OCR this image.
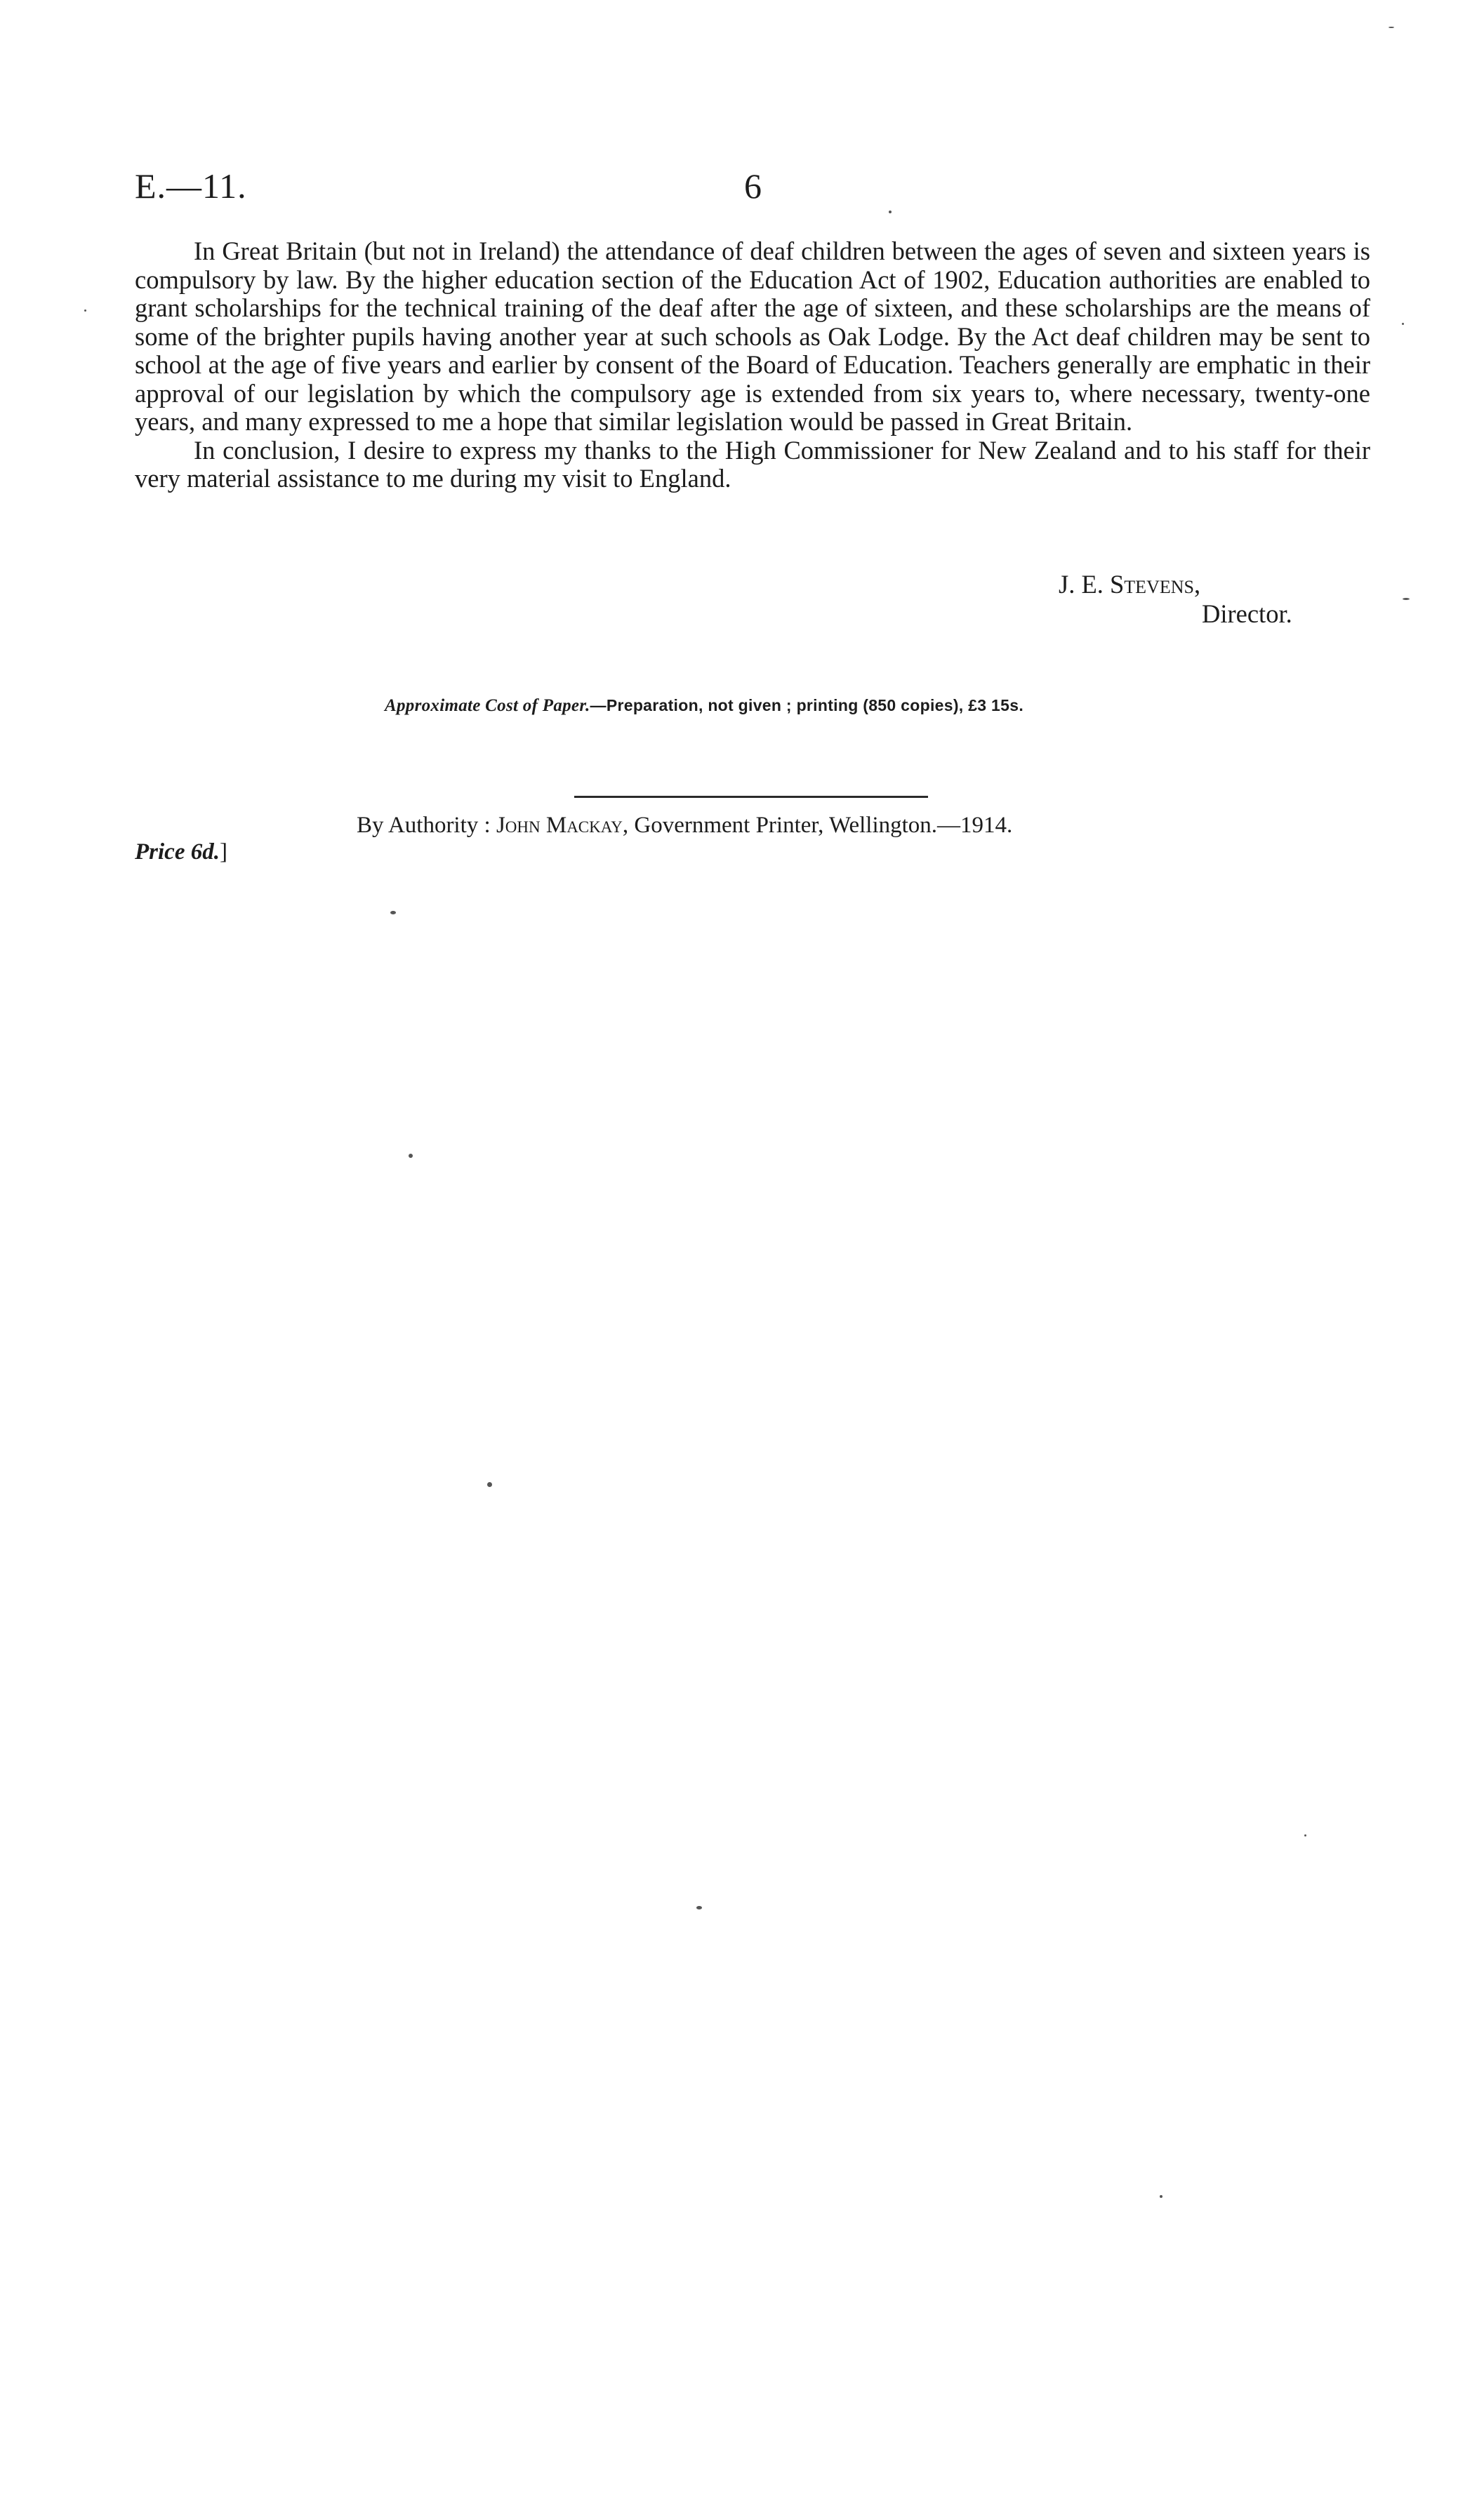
E.—11.	6

In Great Britain (but not in Ireland) the attendance of deaf children between the ages of seven and sixteen years is compulsory by law. By the higher education section of the Education Act of 1902, Education authorities are enabled to grant scholarships for the technical training of the deaf after the age of sixteen, and these scholarships are the means of some of the brighter pupils having another year at such schools as Oak Lodge. By the Act deaf children may be sent to school at the age of five years and earlier by consent of the Board of Education. Teachers generally are emphatic in their approval of our legislation by which the compulsory age is extended from six years to, where necessary, twenty-one years, and many expressed to me a hope that similar legislation would be passed in Great Britain.

In conclusion, I desire to express my thanks to the High Commissioner for New Zealand and to his staff for their very material assistance to me during my visit to England.

J. E. Stevens,
Director.
Approximate Cost of Paper.—Preparation, not given ; printing (850 copies), £3 15s.
By Authority : John Mackay, Government Printer, Wellington.—1914.
Price 6d.]
